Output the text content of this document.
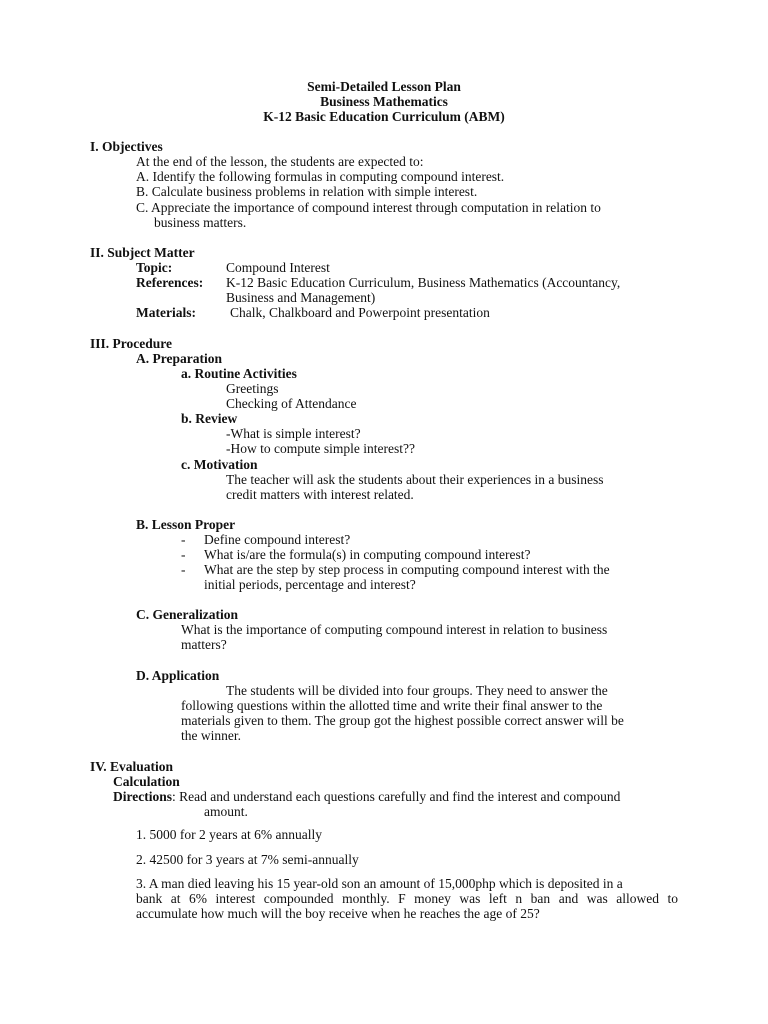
Semi-Detailed Lesson Plan
Business Mathematics
K-12 Basic Education Curriculum (ABM)
I. Objectives
At the end of the lesson, the students are expected to:
A. Identify the following formulas in computing compound interest.
B. Calculate business problems in relation with simple interest.
C. Appreciate the importance of compound interest through computation in relation to
business matters.
II. Subject Matter
Topic:	Compound Interest
References: K-12 Basic Education Curriculum, Business Mathematics (Accountancy,
Business and Management)
Materials:	Chalk, Chalkboard and Powerpoint presentation
III. Procedure
A. Preparation
a. Routine Activities
Greetings
Checking of Attendance
b. Review
-What is simple interest?
-How to compute simple interest??
c. Motivation
The teacher will ask the students about their experiences in a business
credit matters with interest related.
B. Lesson Proper
- Define compound interest?
- What is/are the formula(s) in computing compound interest?
- What are the step by step process in computing compound interest with the
initial periods, percentage and interest?
C. Generalization
What is the importance of computing compound interest in relation to business
matters?
D. Application
The students will be divided into four groups. They need to answer the
following questions within the allotted time and write their final answer to the
materials given to them. The group got the highest possible correct answer will be
the winner.
IV. Evaluation
Calculation
Directions: Read and understand each questions carefully and find the interest and compound
amount.
1. 5000 for 2 years at 6% annually
2. 42500 for 3 years at 7% semi-annually
3. A man died leaving his 15 year-old son an amount of 15,000php which is deposited in a
bank at 6% interest compounded monthly. F money was left n ban and was allowed to
accumulate how much will the boy receive when he reaches the age of 25?
